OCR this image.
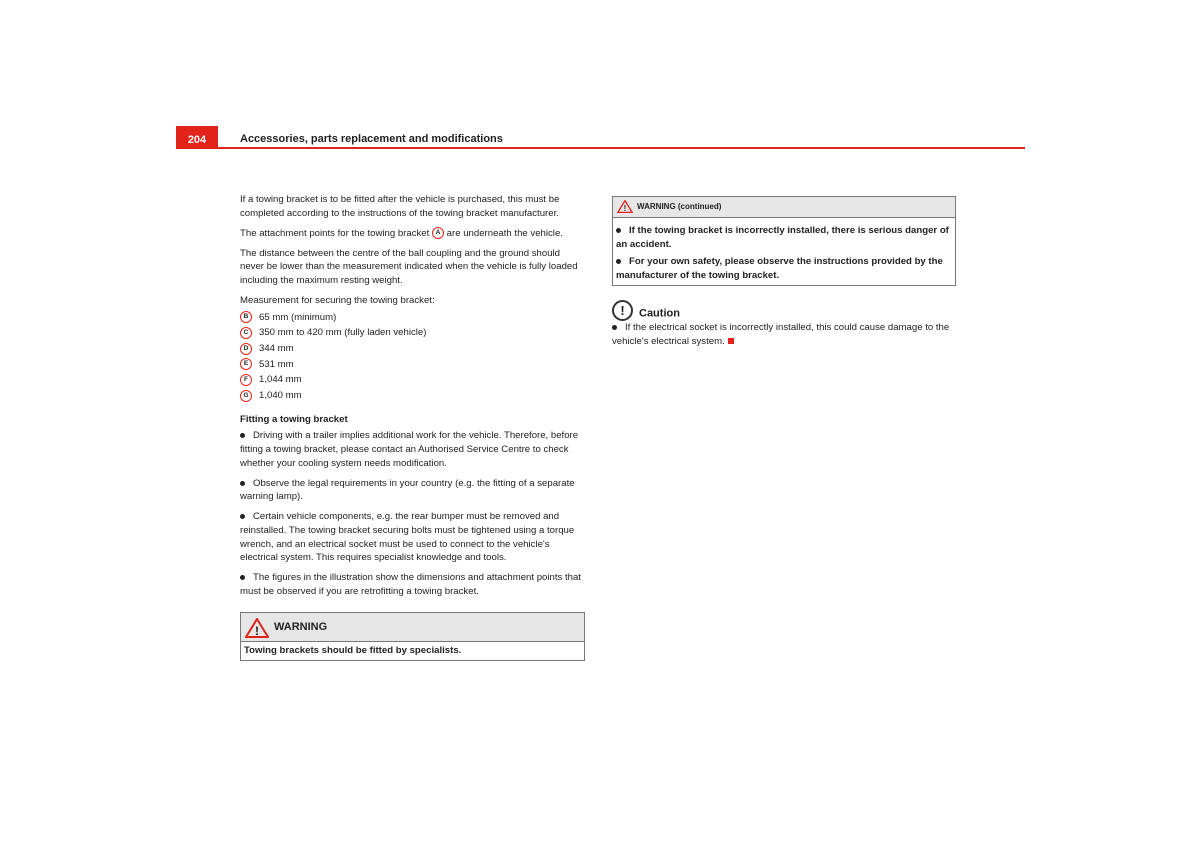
204	Accessories, parts replacement and modifications

If a towing bracket is to be fitted after the vehicle is purchased, this must be completed according to the instructions of the towing bracket manufacturer.

The attachment points for the towing bracket A are underneath the vehicle.

The distance between the centre of the ball coupling and the ground should never be lower than the measurement indicated when the vehicle is fully loaded including the maximum resting weight.

Measurement for securing the towing bracket:

B 65 mm (minimum)
C 350 mm to 420 mm (fully laden vehicle)
D 344 mm
E 531 mm
F 1,044 mm
G 1,040 mm
Fitting a towing bracket

Driving with a trailer implies additional work for the vehicle. Therefore, before fitting a towing bracket, please contact an Authorised Service Centre to check whether your cooling system needs modification.

Observe the legal requirements in your country (e.g. the fitting of a separate warning lamp).

Certain vehicle components, e.g. the rear bumper must be removed and reinstalled. The towing bracket securing bolts must be tightened using a torque wrench, and an electrical socket must be used to connect to the vehicle's electrical system. This requires specialist knowledge and tools.

The figures in the illustration show the dimensions and attachment points that must be observed if you are retrofitting a towing bracket.

! WARNING
Towing brackets should be fitted by specialists.
! WARNING (continued)

If the towing bracket is incorrectly installed, there is serious danger of an accident.

For your own safety, please observe the instructions provided by the manufacturer of the towing bracket.

! Caution

If the electrical socket is incorrectly installed, this could cause damage to the vehicle's electrical system.
